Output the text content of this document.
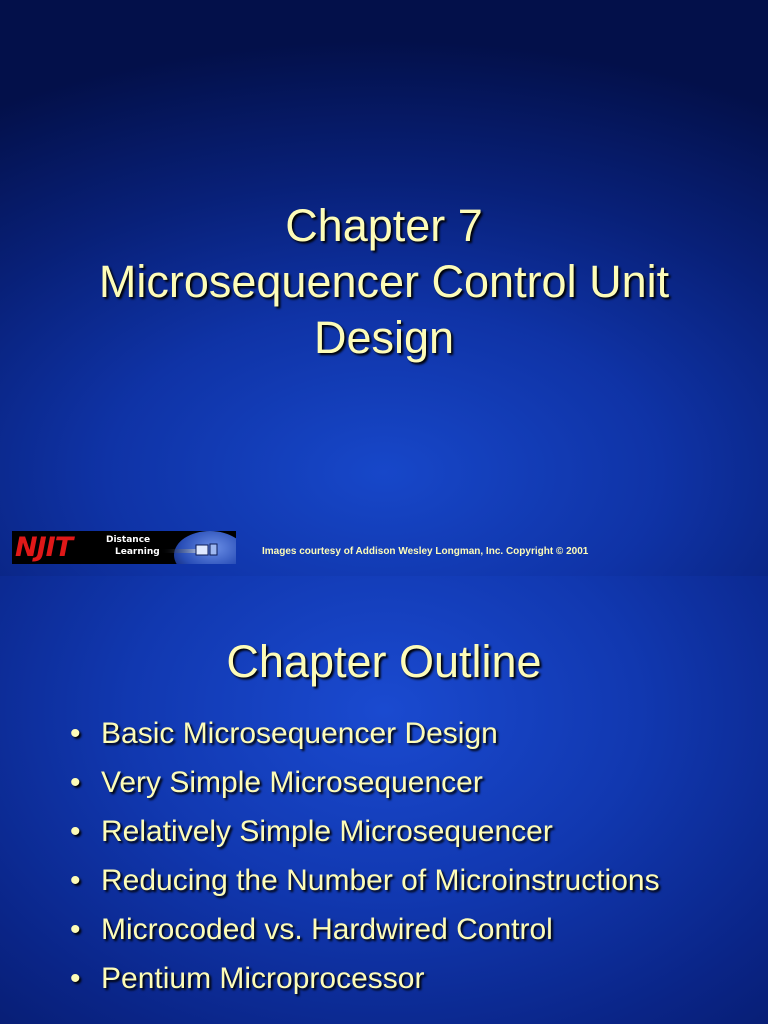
Chapter 7
Microsequencer Control Unit
Design
NJIT	Distance
Learning	Images courtesy of Addison Wesley Longman, Inc. Copyright © 2001
Chapter Outline
• Basic Microsequencer Design
• Very Simple Microsequencer
• Relatively Simple Microsequencer
• Reducing the Number of Microinstructions
• Microcoded vs. Hardwired Control
• Pentium Microprocessor
